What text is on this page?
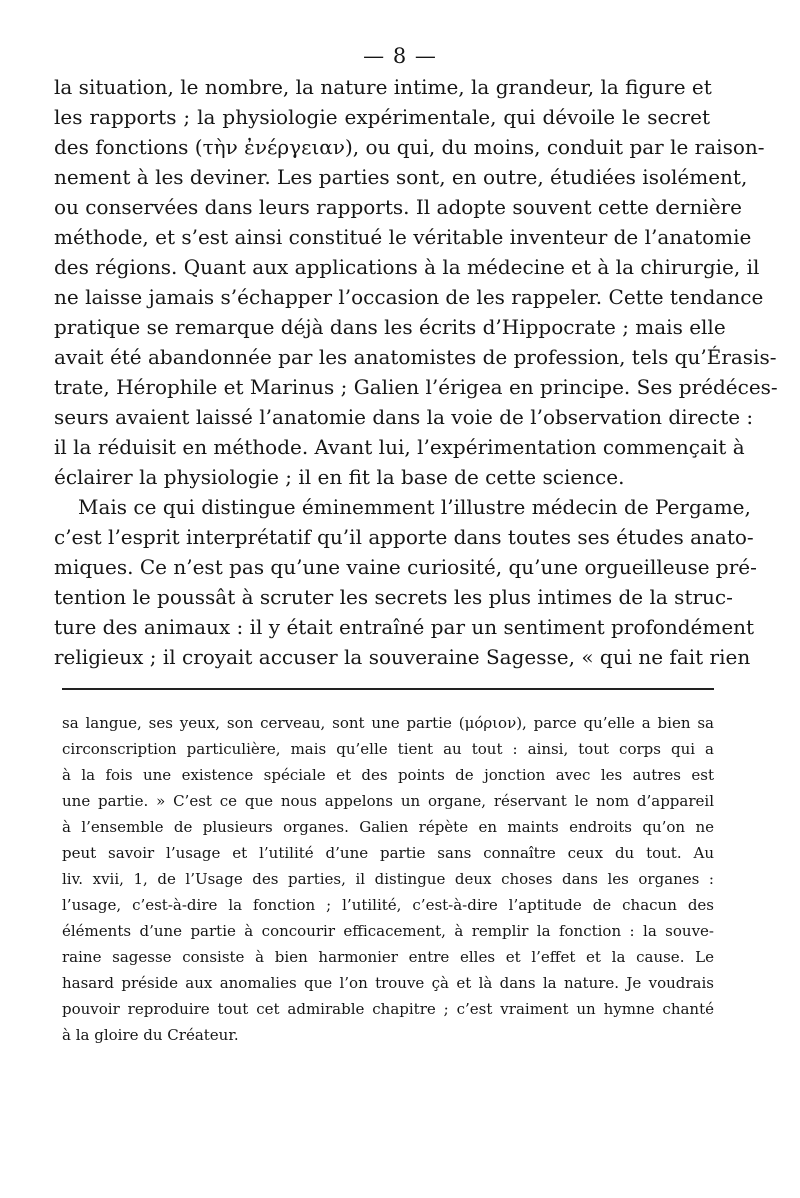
— 8 —
la situation, le nombre, la nature intime, la grandeur, la figure et
les rapports ; la physiologie expérimentale, qui dévoile le secret
des fonctions (τὴν ἐνέργειαν), ou qui, du moins, conduit par le raison-
nement à les deviner. Les parties sont, en outre, étudiées isolément,
ou conservées dans leurs rapports. Il adopte souvent cette dernière
méthode, et s’est ainsi constitué le véritable inventeur de l’anatomie
des régions. Quant aux applications à la médecine et à la chirurgie, il
ne laisse jamais s’échapper l’occasion de les rappeler. Cette tendance
pratique se remarque déjà dans les écrits d’Hippocrate ; mais elle
avait été abandonnée par les anatomistes de profession, tels qu’Érasis-
trate, Hérophile et Marinus ; Galien l’érigea en principe. Ses prédéces-
seurs avaient laissé l’anatomie dans la voie de l’observation directe :
il la réduisit en méthode. Avant lui, l’expérimentation commençait à
éclairer la physiologie ; il en fit la base de cette science.
Mais ce qui distingue éminemment l’illustre médecin de Pergame,
c’est l’esprit interprétatif qu’il apporte dans toutes ses études anato-
miques. Ce n’est pas qu’une vaine curiosité, qu’une orgueilleuse pré-
tention le poussât à scruter les secrets les plus intimes de la struc-
ture des animaux : il y était entraîné par un sentiment profondément
religieux ; il croyait accuser la souveraine Sagesse, « qui ne fait rien
sa langue, ses yeux, son cerveau, sont une partie (μόριον), parce qu’elle a bien sa
circonscription particulière, mais qu’elle tient au tout : ainsi, tout corps qui a
à la fois une existence spéciale et des points de jonction avec les autres est
une partie. » C’est ce que nous appelons un organe, réservant le nom d’appareil
à l’ensemble de plusieurs organes. Galien répète en maints endroits qu’on ne
peut savoir l’usage et l’utilité d’une partie sans connaître ceux du tout. Au
liv. xvii, 1, de l’Usage des parties, il distingue deux choses dans les organes :
l’usage, c’est-à-dire la fonction ; l’utilité, c’est-à-dire l’aptitude de chacun des
éléments d’une partie à concourir efficacement, à remplir la fonction : la souve-
raine sagesse consiste à bien harmonier entre elles et l’effet et la cause. Le
hasard préside aux anomalies que l’on trouve çà et là dans la nature. Je voudrais
pouvoir reproduire tout cet admirable chapitre ; c’est vraiment un hymne chanté
à la gloire du Créateur.
